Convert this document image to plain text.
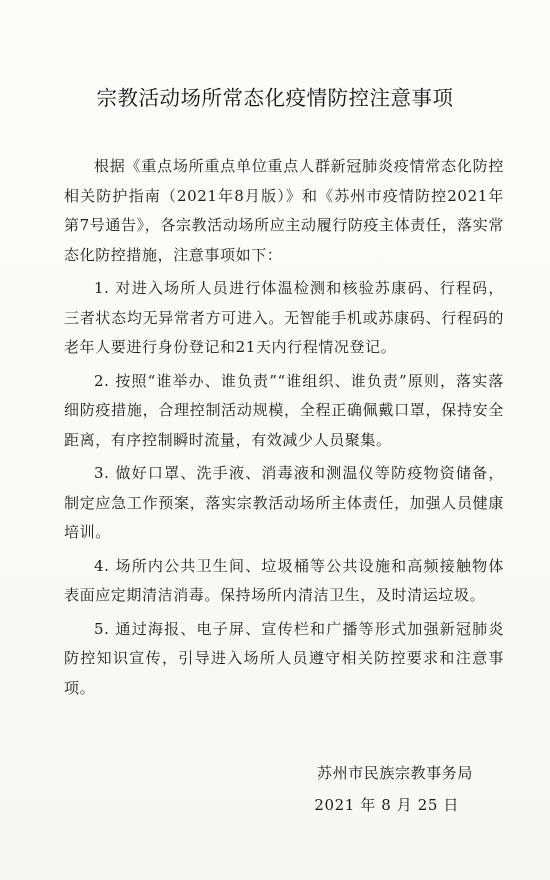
宗教活动场所常态化疫情防控注意事项

根据《重点场所重点单位重点人群新冠肺炎疫情常态化防控相关防护指南（2021年8月版）》和《苏州市疫情防控2021年第7号通告》，各宗教活动场所应主动履行防疫主体责任，落实常态化防控措施，注意事项如下：

1. 对进入场所人员进行体温检测和核验苏康码、行程码，三者状态均无异常者方可进入。无智能手机或苏康码、行程码的老年人要进行身份登记和21天内行程情况登记。

2. 按照“谁举办、谁负责”“谁组织、谁负责”原则，落实落细防疫措施，合理控制活动规模，全程正确佩戴口罩，保持安全距离，有序控制瞬时流量，有效减少人员聚集。

3. 做好口罩、洗手液、消毒液和测温仪等防疫物资储备，制定应急工作预案，落实宗教活动场所主体责任，加强人员健康培训。

4. 场所内公共卫生间、垃圾桶等公共设施和高频接触物体表面应定期清洁消毒。保持场所内清洁卫生，及时清运垃圾。

5. 通过海报、电子屏、宣传栏和广播等形式加强新冠肺炎防控知识宣传，引导进入场所人员遵守相关防控要求和注意事项。

苏州市民族宗教事务局
2021 年 8 月 25 日
